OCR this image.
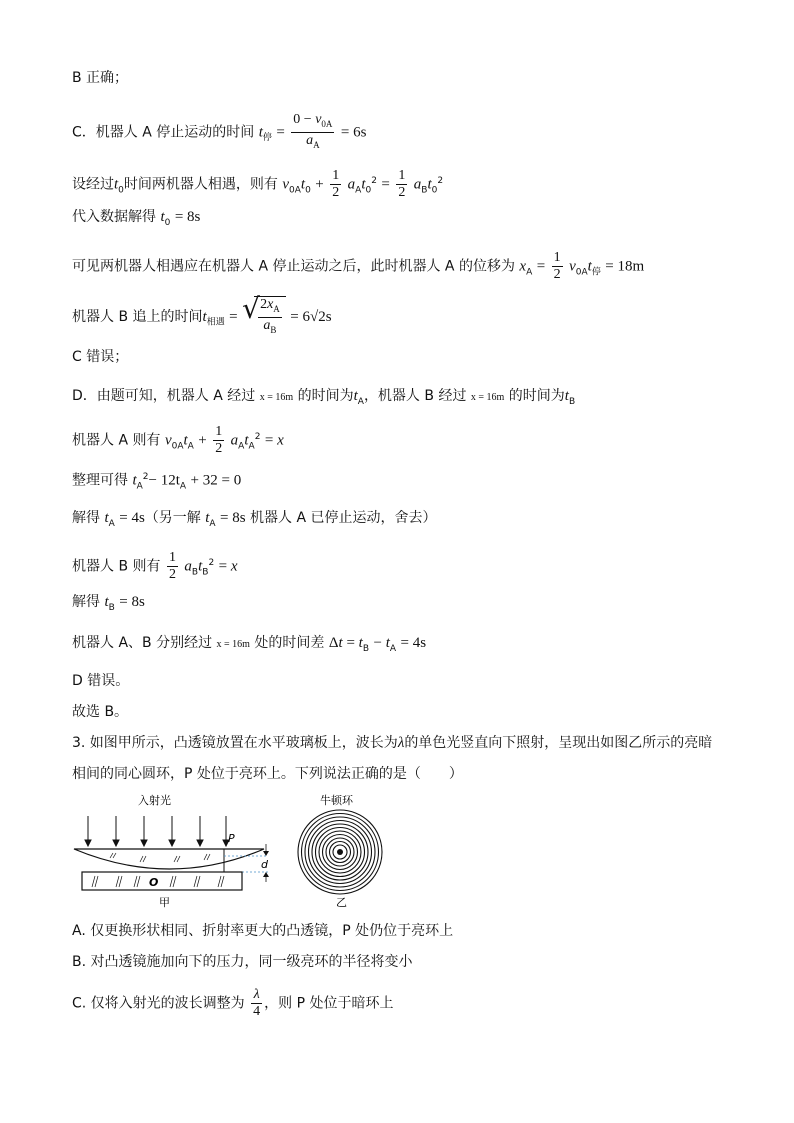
B 正确；
C．机器人 A 停止运动的时间 $t_停 = \frac{0 - v_{0A}}{a_A} = 6s$
设经过$t_0$时间两机器人相遇，则有 $v_{0A}t_0 + \frac{1}{2} a_At_0^2 = \frac{1}{2} a_Bt_0^2$
代入数据解得 $t_0 = 8s$
可见两机器人相遇应在机器人 A 停止运动之后，此时机器人 A 的位移为 $x_A = \frac{1}{2} v_{0A}t_停 = 18m$
机器人 B 追上的时间$t_{相遇}$ = √
$\frac{2x_A}{a_B} = 6√2s$
C 错误；
D．由题可知，机器人 A 经过 x = 16m 的时间为$t_A$，机器人 B 经过 x = 16m 的时间为$t_B$
机器人 A 则有 $v_{0A}t_A + \frac{1}{2} a_At_A^2 = x$
整理可得 $t_A^2- 12t_A + 32 = 0$
解得 $t_A = 4s$（另一解 $t_A = 8s$ 机器人 A 已停止运动，舍去）
机器人 B 则有 $\frac{1}{2} a_Bt_B^2 = x$
解得 $t_B = 8s$
机器人 A、B 分别经过 x = 16m 处的时间差 $\Delta t = t_B - t_A = 4s$
D 错误。
故选 B。
3. 如图甲所示，凸透镜放置在水平玻璃板上，波长为λ的单色光竖直向下照射，呈现出如图乙所示的亮暗
相间的同心圆环，P 处位于亮环上。下列说法正确的是（　　）
入射光
P
d
O
甲
牛顿环
乙
A. 仅更换形状相同、折射率更大的凸透镜，P 处仍位于亮环上
B. 对凸透镜施加向下的压力，同一级亮环的半径将变小
C. 仅将入射光的波长调整为 $\frac{\lambda}{4}$ ，则 P 处位于暗环上
